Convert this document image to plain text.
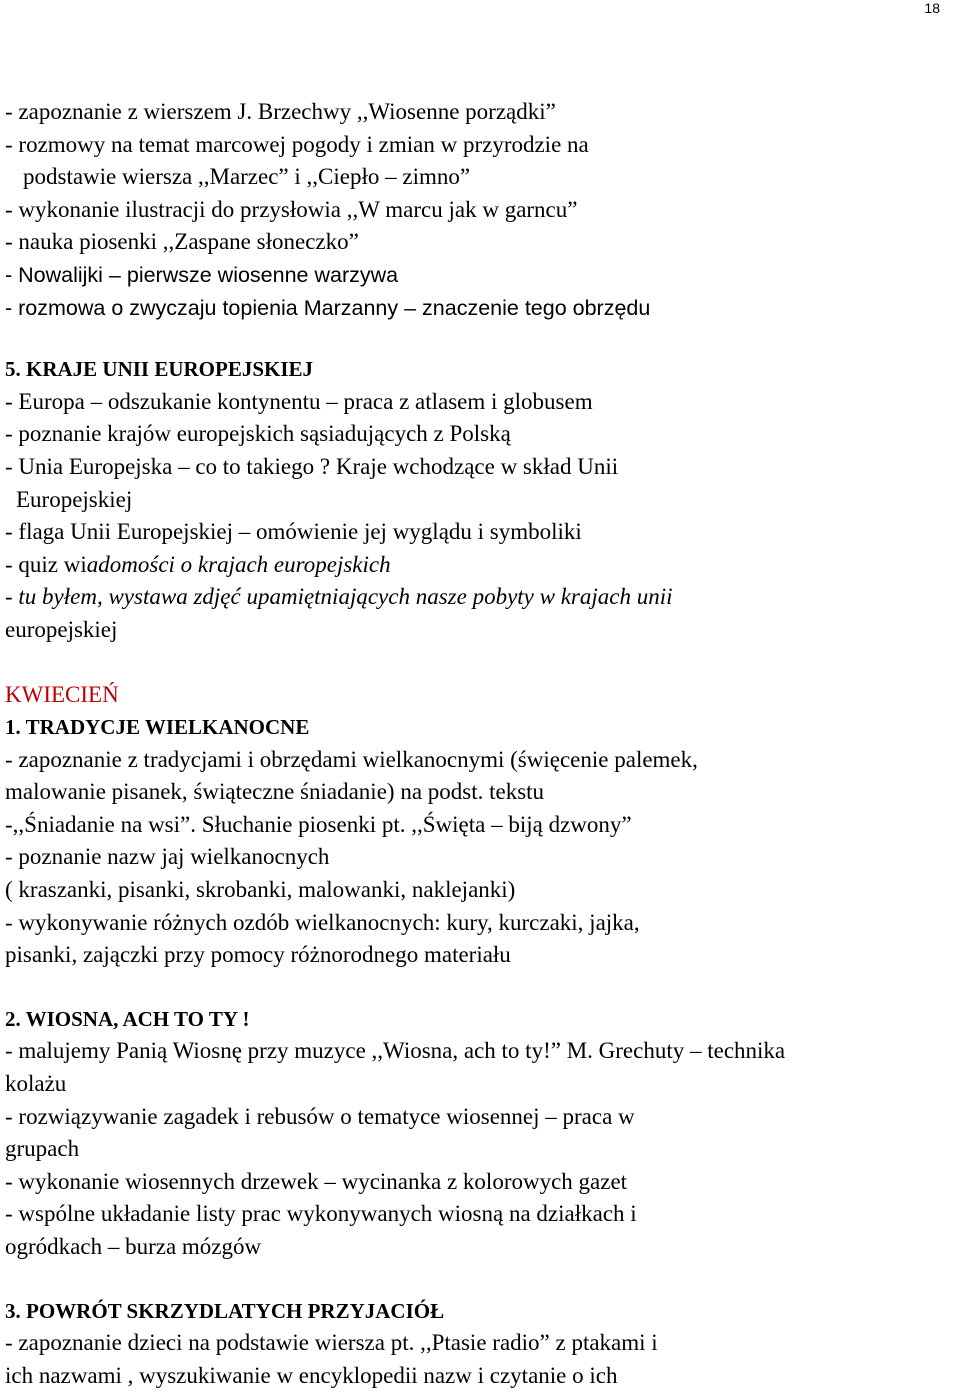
18
- zapoznanie z wierszem J. Brzechwy ,,Wiosenne porządki”
- rozmowy na temat marcowej pogody i zmian w przyrodzie na
podstawie wiersza ,,Marzec” i ,,Ciepło – zimno”
- wykonanie ilustracji do przysłowia ,,W marcu jak w garncu”
- nauka piosenki ,,Zaspane słoneczko”
- Nowalijki – pierwsze wiosenne warzywa
- rozmowa o zwyczaju topienia Marzanny – znaczenie tego obrzędu
5. KRAJE UNII EUROPEJSKIEJ
- Europa – odszukanie kontynentu – praca z atlasem i globusem
- poznanie krajów europejskich sąsiadujących z Polską
- Unia Europejska – co to takiego ? Kraje wchodzące w skład Unii
Europejskiej
- flaga Unii Europejskiej – omówienie jej wyglądu i symboliki
- quiz wiadomości o krajach europejskich
- tu byłem, wystawa zdjęć upamiętniających nasze pobyty w krajach unii
europejskiej
KWIECIEŃ
1. TRADYCJE WIELKANOCNE
- zapoznanie z tradycjami i obrzędami wielkanocnymi (święcenie palemek,
malowanie pisanek, świąteczne śniadanie) na podst. tekstu
-,,Śniadanie na wsi”. Słuchanie piosenki pt. ,,Święta – biją dzwony”
- poznanie nazw jaj wielkanocnych
( kraszanki, pisanki, skrobanki, malowanki, naklejanki)
- wykonywanie różnych ozdób wielkanocnych: kury, kurczaki, jajka,
pisanki, zajączki przy pomocy różnorodnego materiału
2. WIOSNA, ACH TO TY !
- malujemy Panią Wiosnę przy muzyce ,,Wiosna, ach to ty!” M. Grechuty – technika
kolażu
- rozwiązywanie zagadek i rebusów o tematyce wiosennej – praca w
grupach
- wykonanie wiosennych drzewek – wycinanka z kolorowych gazet
- wspólne układanie listy prac wykonywanych wiosną na działkach i
ogródkach – burza mózgów
3. POWRÓT SKRZYDLATYCH PRZYJACIÓŁ
- zapoznanie dzieci na podstawie wiersza pt. ,,Ptasie radio” z ptakami i
ich nazwami , wyszukiwanie w encyklopedii nazw i czytanie o ich
